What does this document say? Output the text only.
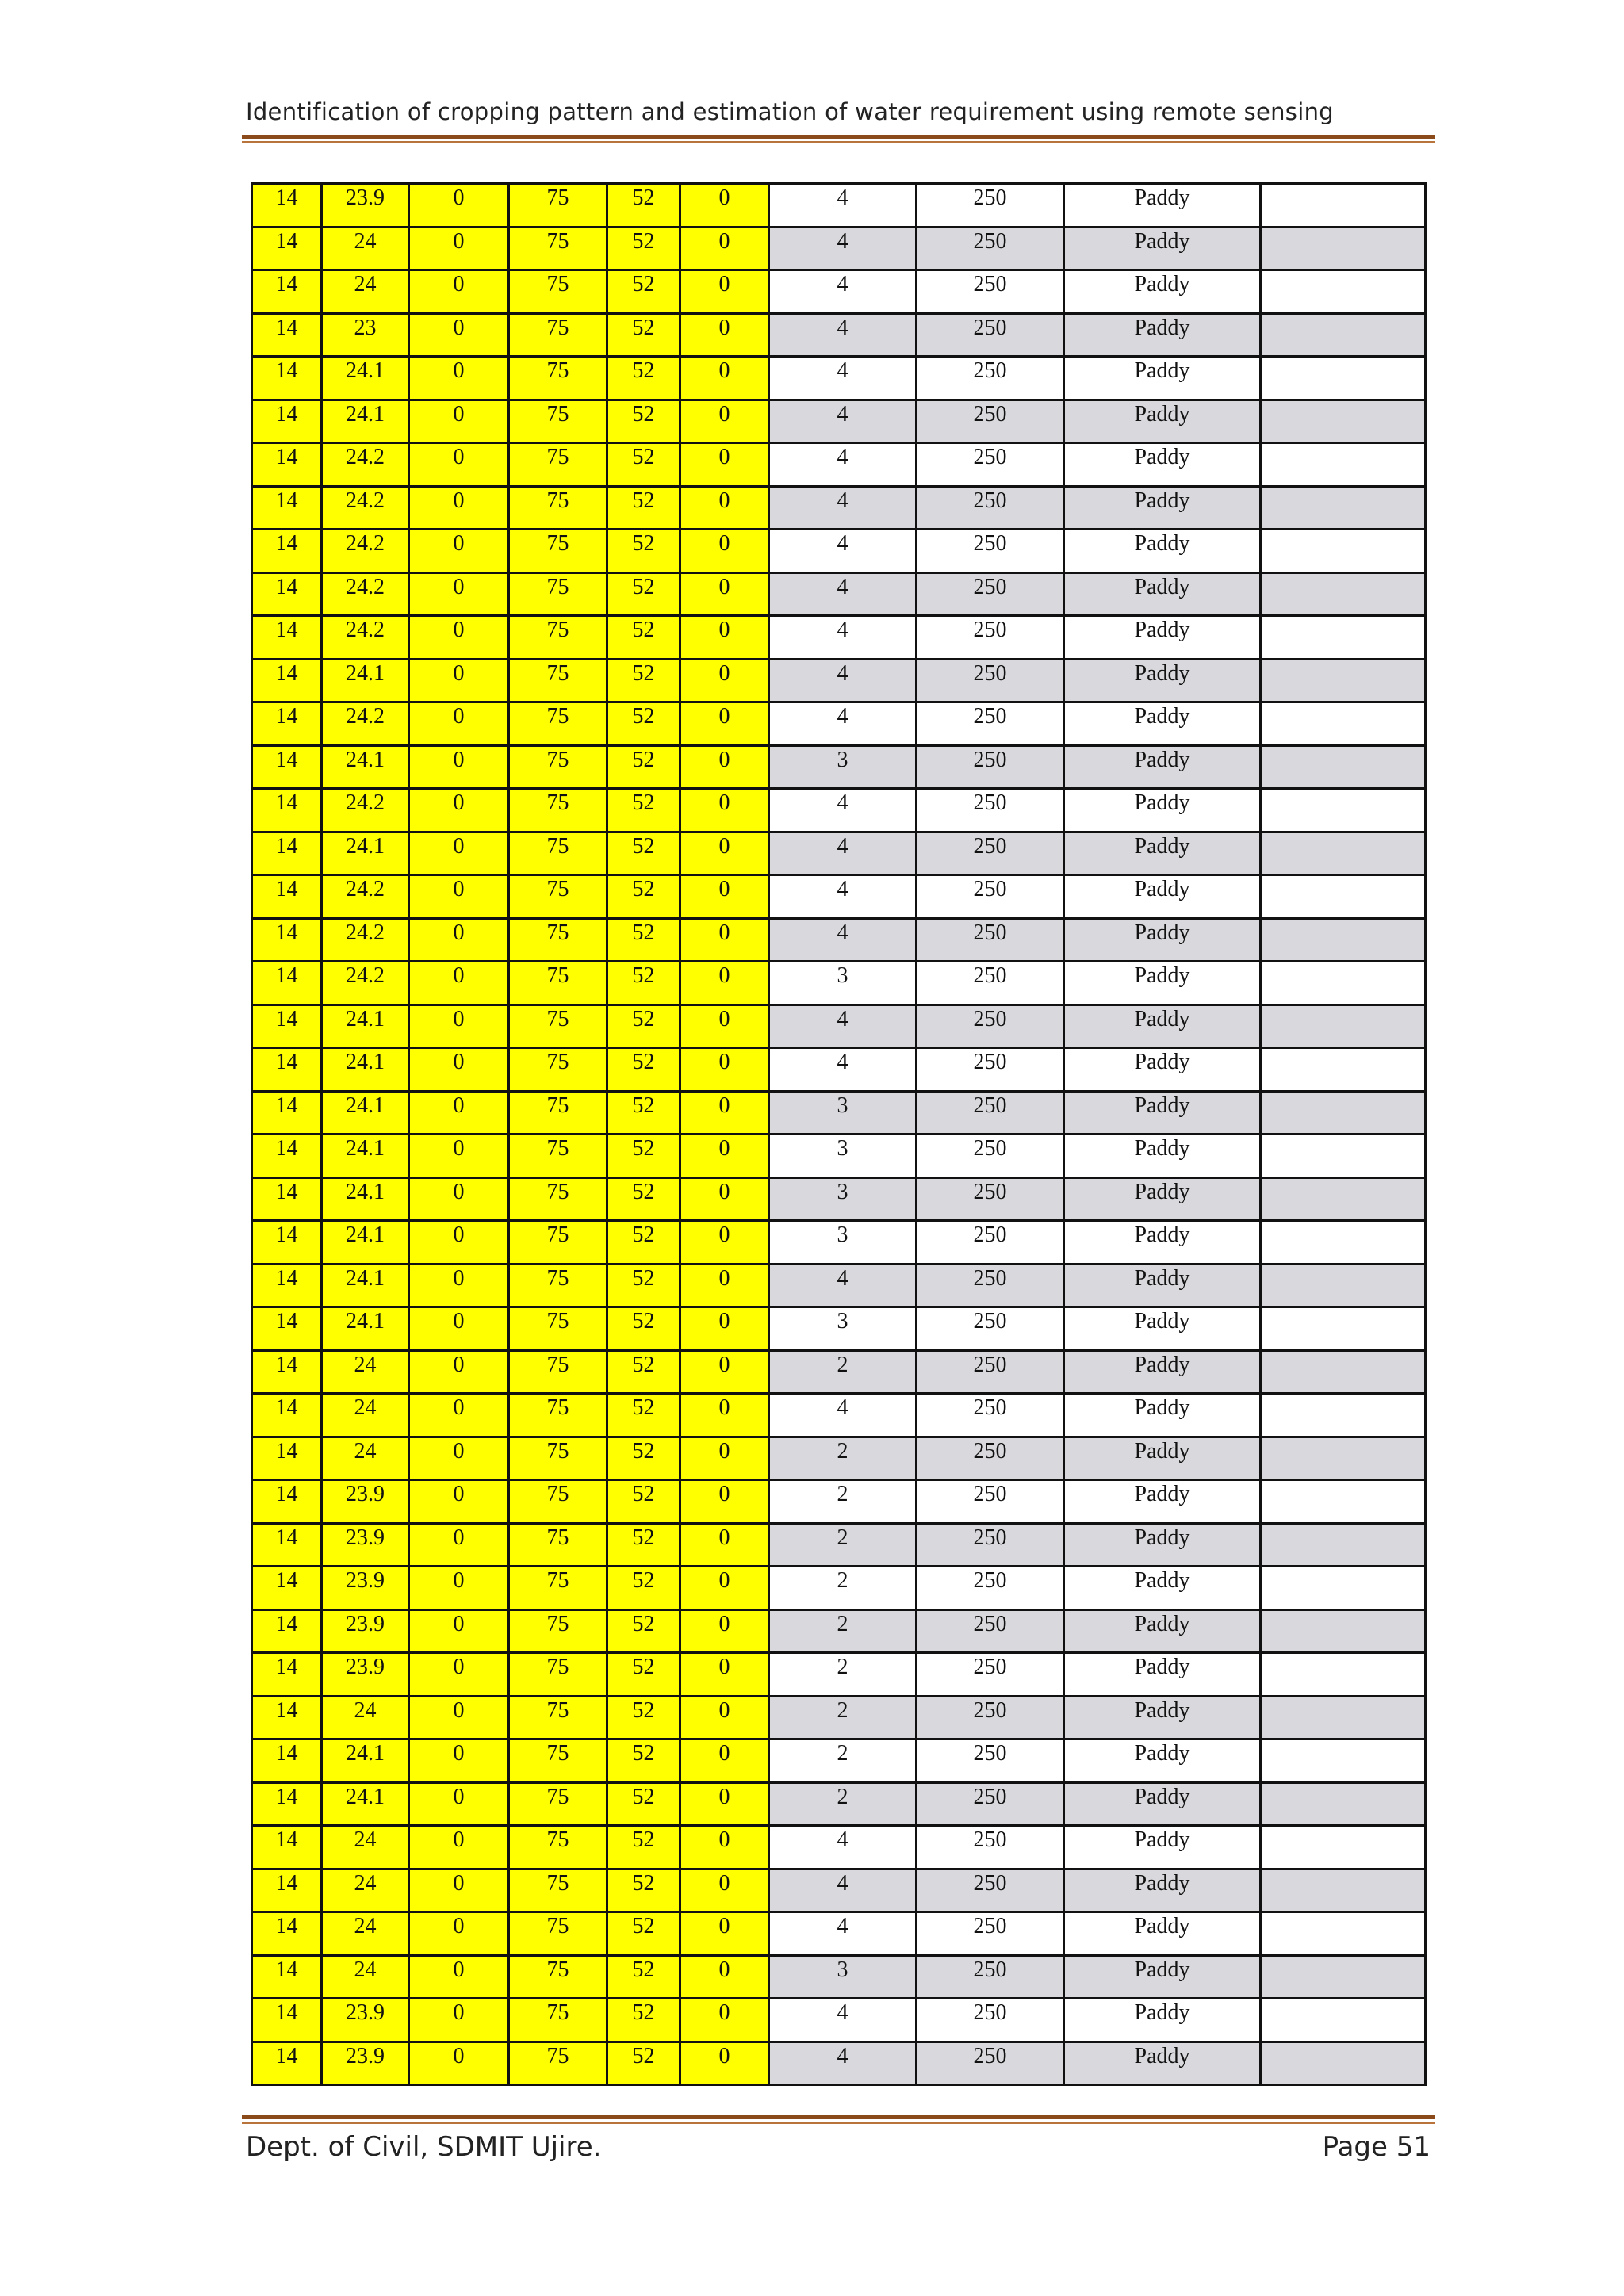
Identification of cropping pattern and estimation of water requirement using remote sensing
14	23.9	0	75	52	0	4	250	Paddy	
14	24	0	75	52	0	4	250	Paddy	
14	24	0	75	52	0	4	250	Paddy	
14	23	0	75	52	0	4	250	Paddy	
14	24.1	0	75	52	0	4	250	Paddy	
14	24.1	0	75	52	0	4	250	Paddy	
14	24.2	0	75	52	0	4	250	Paddy	
14	24.2	0	75	52	0	4	250	Paddy	
14	24.2	0	75	52	0	4	250	Paddy	
14	24.2	0	75	52	0	4	250	Paddy	
14	24.2	0	75	52	0	4	250	Paddy	
14	24.1	0	75	52	0	4	250	Paddy	
14	24.2	0	75	52	0	4	250	Paddy	
14	24.1	0	75	52	0	3	250	Paddy	
14	24.2	0	75	52	0	4	250	Paddy	
14	24.1	0	75	52	0	4	250	Paddy	
14	24.2	0	75	52	0	4	250	Paddy	
14	24.2	0	75	52	0	4	250	Paddy	
14	24.2	0	75	52	0	3	250	Paddy	
14	24.1	0	75	52	0	4	250	Paddy	
14	24.1	0	75	52	0	4	250	Paddy	
14	24.1	0	75	52	0	3	250	Paddy	
14	24.1	0	75	52	0	3	250	Paddy	
14	24.1	0	75	52	0	3	250	Paddy	
14	24.1	0	75	52	0	3	250	Paddy	
14	24.1	0	75	52	0	4	250	Paddy	
14	24.1	0	75	52	0	3	250	Paddy	
14	24	0	75	52	0	2	250	Paddy	
14	24	0	75	52	0	4	250	Paddy	
14	24	0	75	52	0	2	250	Paddy	
14	23.9	0	75	52	0	2	250	Paddy	
14	23.9	0	75	52	0	2	250	Paddy	
14	23.9	0	75	52	0	2	250	Paddy	
14	23.9	0	75	52	0	2	250	Paddy	
14	23.9	0	75	52	0	2	250	Paddy	
14	24	0	75	52	0	2	250	Paddy	
14	24.1	0	75	52	0	2	250	Paddy	
14	24.1	0	75	52	0	2	250	Paddy	
14	24	0	75	52	0	4	250	Paddy	
14	24	0	75	52	0	4	250	Paddy	
14	24	0	75	52	0	4	250	Paddy	
14	24	0	75	52	0	3	250	Paddy	
14	23.9	0	75	52	0	4	250	Paddy	
14	23.9	0	75	52	0	4	250	Paddy	
Dept. of Civil, SDMIT Ujire.	Page 51
